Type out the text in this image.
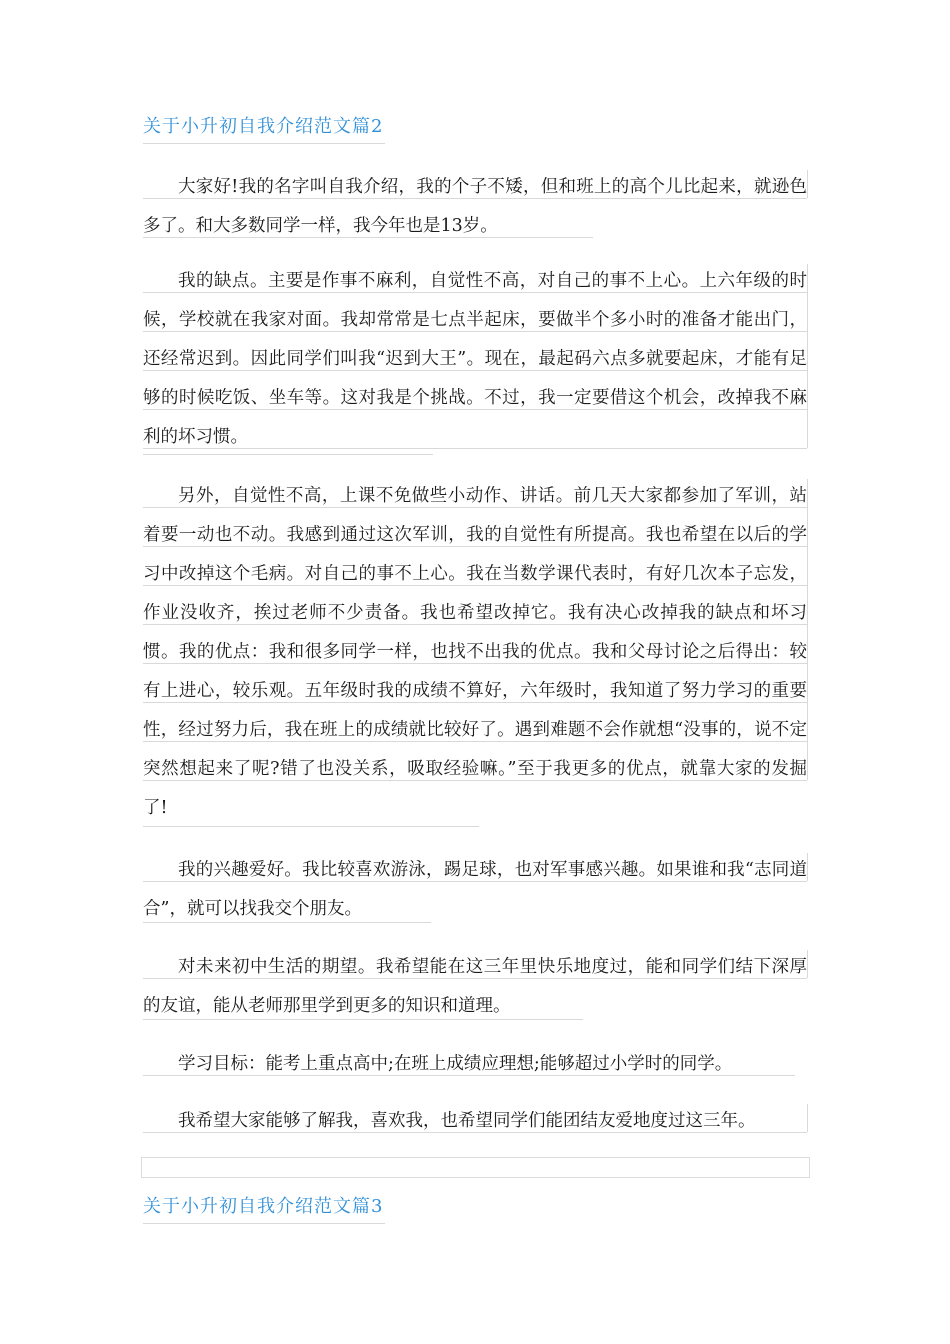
关于小升初自我介绍范文篇2

大家好!我的名字叫自我介绍，我的个子不矮，但和班上的高个儿比起来，就逊色多了。和大多数同学一样，我今年也是13岁。

我的缺点。主要是作事不麻利，自觉性不高，对自己的事不上心。上六年级的时候，学校就在我家对面。我却常常是七点半起床，要做半个多小时的准备才能出门，还经常迟到。因此同学们叫我“迟到大王”。现在，最起码六点多就要起床，才能有足够的时候吃饭、坐车等。这对我是个挑战。不过，我一定要借这个机会，改掉我不麻利的坏习惯。

另外，自觉性不高，上课不免做些小动作、讲话。前几天大家都参加了军训，站着要一动也不动。我感到通过这次军训，我的自觉性有所提高。我也希望在以后的学习中改掉这个毛病。对自己的事不上心。我在当数学课代表时，有好几次本子忘发，作业没收齐，挨过老师不少责备。我也希望改掉它。我有决心改掉我的缺点和坏习惯。我的优点：我和很多同学一样，也找不出我的优点。我和父母讨论之后得出：较有上进心，较乐观。五年级时我的成绩不算好，六年级时，我知道了努力学习的重要性，经过努力后，我在班上的成绩就比较好了。遇到难题不会作就想“没事的，说不定突然想起来了呢?错了也没关系，吸取经验嘛。”至于我更多的优点，就靠大家的发掘了!

我的兴趣爱好。我比较喜欢游泳，踢足球，也对军事感兴趣。如果谁和我“志同道合”，就可以找我交个朋友。

对未来初中生活的期望。我希望能在这三年里快乐地度过，能和同学们结下深厚的友谊，能从老师那里学到更多的知识和道理。

学习目标：能考上重点高中;在班上成绩应理想;能够超过小学时的同学。

我希望大家能够了解我，喜欢我，也希望同学们能团结友爱地度过这三年。

关于小升初自我介绍范文篇3
